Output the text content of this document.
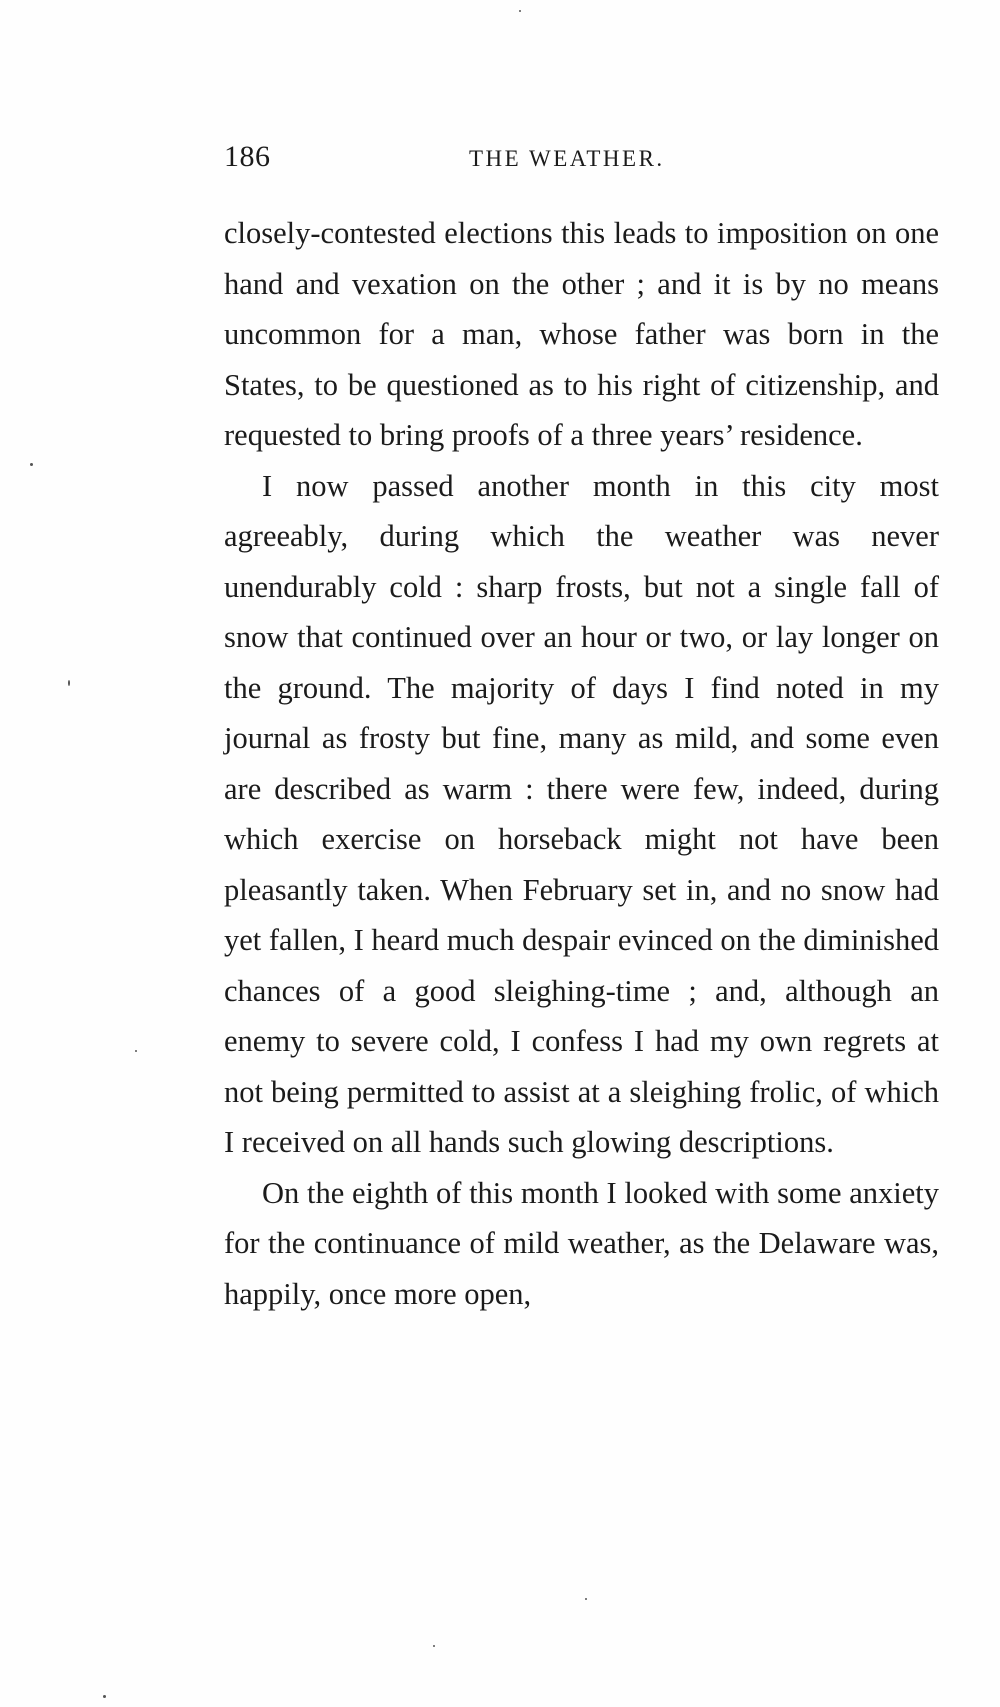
186	THE WEATHER.

closely-contested elections this leads to imposition on one hand and vexation on the other ; and it is by no means uncommon for a man, whose father was born in the States, to be questioned as to his right of citizenship, and requested to bring proofs of a three years’ residence.

I now passed another month in this city most agreeably, during which the weather was never unendurably cold : sharp frosts, but not a single fall of snow that continued over an hour or two, or lay longer on the ground. The majority of days I find noted in my journal as frosty but fine, many as mild, and some even are described as warm : there were few, indeed, during which exercise on horseback might not have been pleasantly taken. When February set in, and no snow had yet fallen, I heard much despair evinced on the diminished chances of a good sleighing-time ; and, although an enemy to severe cold, I confess I had my own regrets at not being permitted to assist at a sleighing frolic, of which I received on all hands such glowing descriptions.

On the eighth of this month I looked with some anxiety for the continuance of mild weather, as the Delaware was, happily, once more open,
